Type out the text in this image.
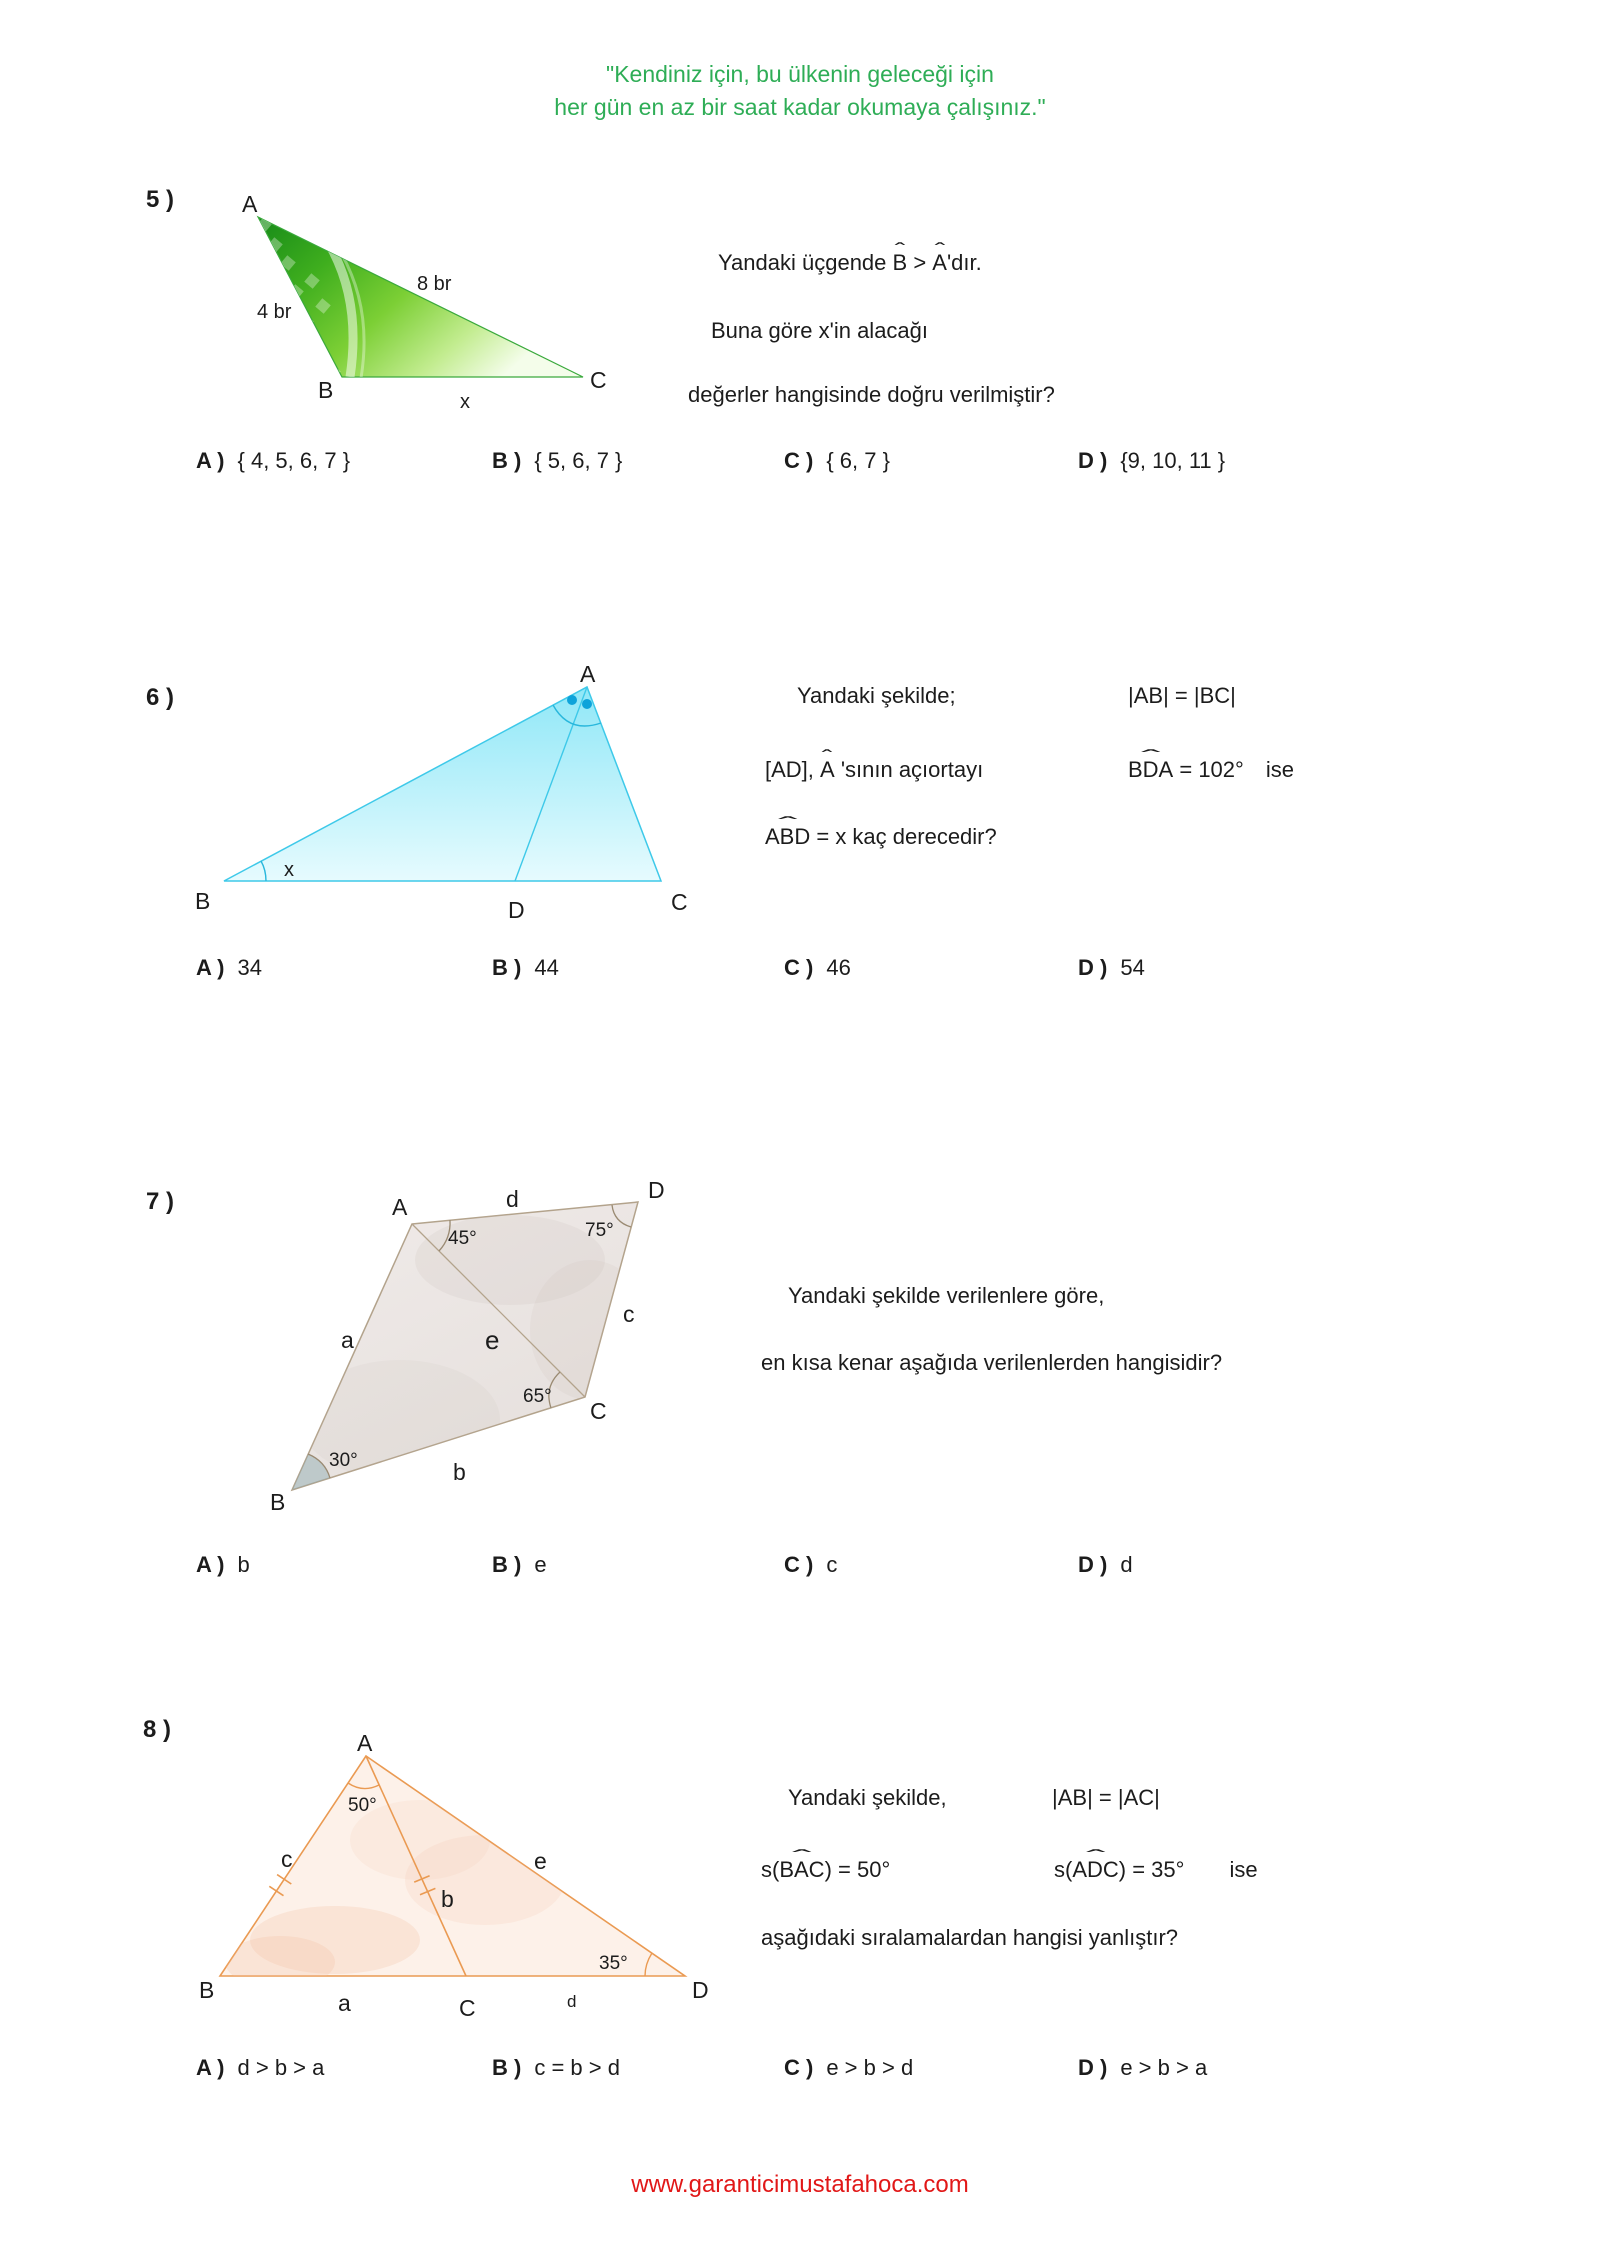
"Kendiniz için, bu ülkenin geleceği için
her gün en az bir saat kadar okumaya çalışınız."
5 )	A
B	C
8 br
4 br
x
Yandaki üçgende B ˆ > A ˆ'dır.
Buna göre x'in alacağı
değerler hangisinde doğru verilmiştir?
A ) { 4, 5, 6, 7 }	B ) { 5, 6, 7 }	C ) { 6, 7 }	D ) {9, 10, 11 }
6 )
A
B	C
D
x
Yandaki şekilde;	|AB| = |BC|
[AD], A ˆ 'sının açıortayı	BDA ˆ = 102° ise
ABD ˆ = x kaç derecedir?
A ) 34	B ) 44	C ) 46	D ) 54
7 )	A
D
B
C
d
a
b
c
e
45°	75°
65°
30°
Yandaki şekilde verilenlere göre,
en kısa kenar aşağıda verilenlerden hangisidir?
A ) b	B ) e	C ) c	D ) d
8 )	A
B	D
C
c	e
b
a	d
50°
35°
Yandaki şekilde,	|AB| = |AC|
s(BAC ˆ) = 50°	s(ADC ˆ) = 35° ise
aşağıdaki sıralamalardan hangisi yanlıştır?
A ) d > b > a	B ) c = b > d	C ) e > b > d	D ) e > b > a
www.garanticimustafahoca.com
